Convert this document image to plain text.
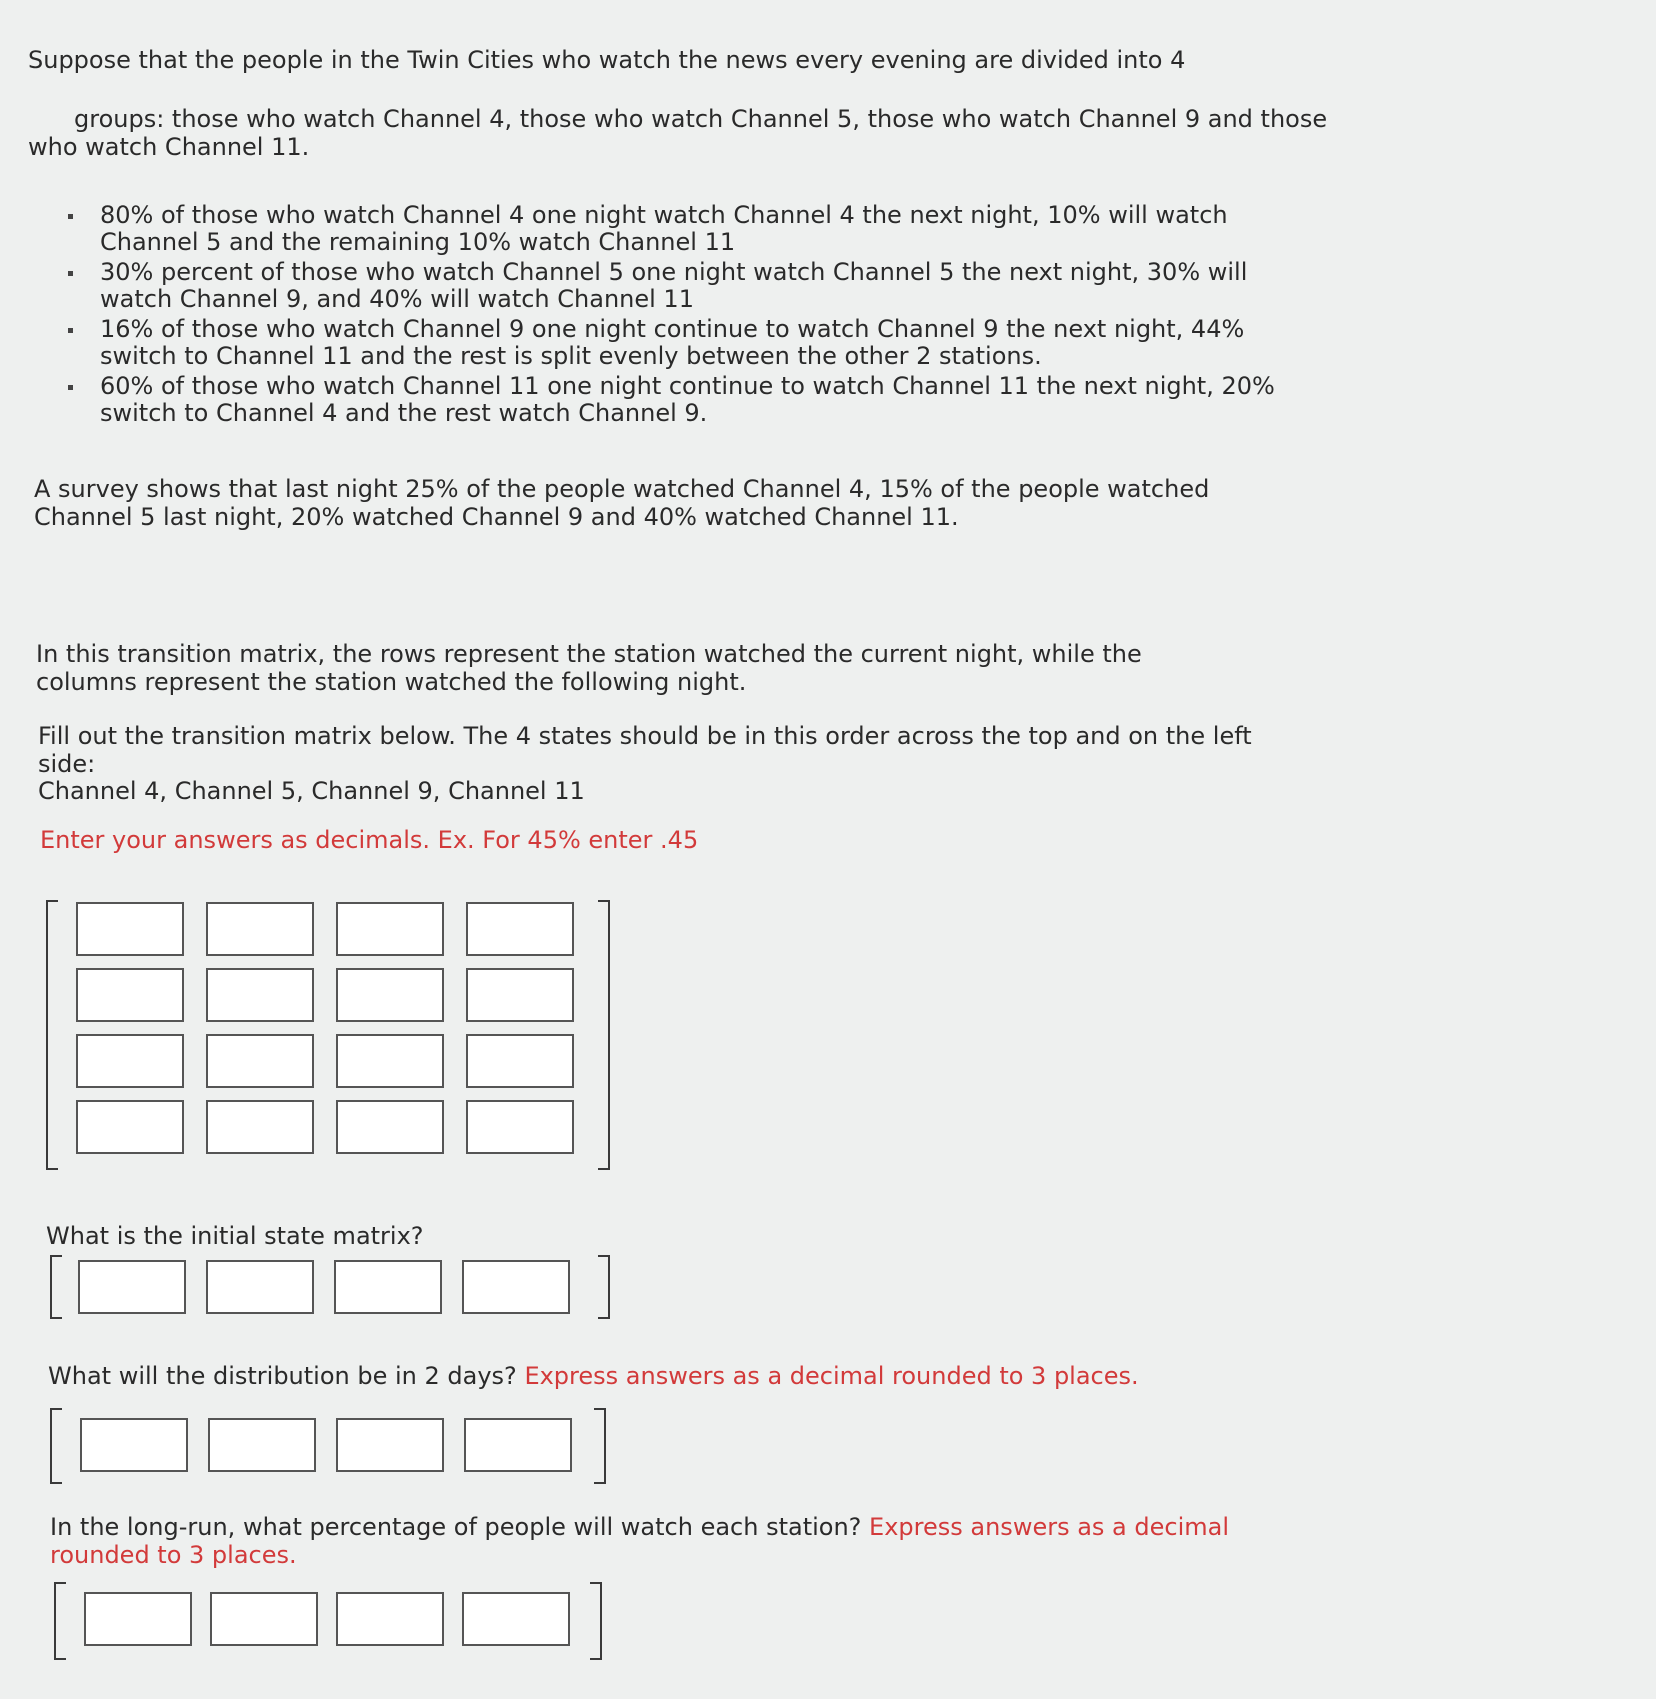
Suppose that the people in the Twin Cities who watch the news every evening are divided into 4

groups: those who watch Channel 4, those who watch Channel 5, those who watch Channel 9 and those

who watch Channel 11.

80% of those who watch Channel 4 one night watch Channel 4 the next night, 10% will watch Channel 5 and the remaining 10% watch Channel 11
30% percent of those who watch Channel 5 one night watch Channel 5 the next night, 30% will watch Channel 9, and 40% will watch Channel 11
16% of those who watch Channel 9 one night continue to watch Channel 9 the next night, 44% switch to Channel 11 and the rest is split evenly between the other 2 stations.
60% of those who watch Channel 11 one night continue to watch Channel 11 the next night, 20% switch to Channel 4 and the rest watch Channel 9.

A survey shows that last night 25% of the people watched Channel 4, 15% of the people watched Channel 5 last night, 20% watched Channel 9 and 40% watched Channel 11.

In this transition matrix, the rows represent the station watched the current night, while the columns represent the station watched the following night.

Fill out the transition matrix below. The 4 states should be in this order across the top and on the left side:

Channel 4, Channel 5, Channel 9, Channel 11

Enter your answers as decimals. Ex. For 45% enter .45

What is the initial state matrix?

What will the distribution be in 2 days? Express answers as a decimal rounded to 3 places.

In the long-run, what percentage of people will watch each station? Express answers as a decimal rounded to 3 places.
